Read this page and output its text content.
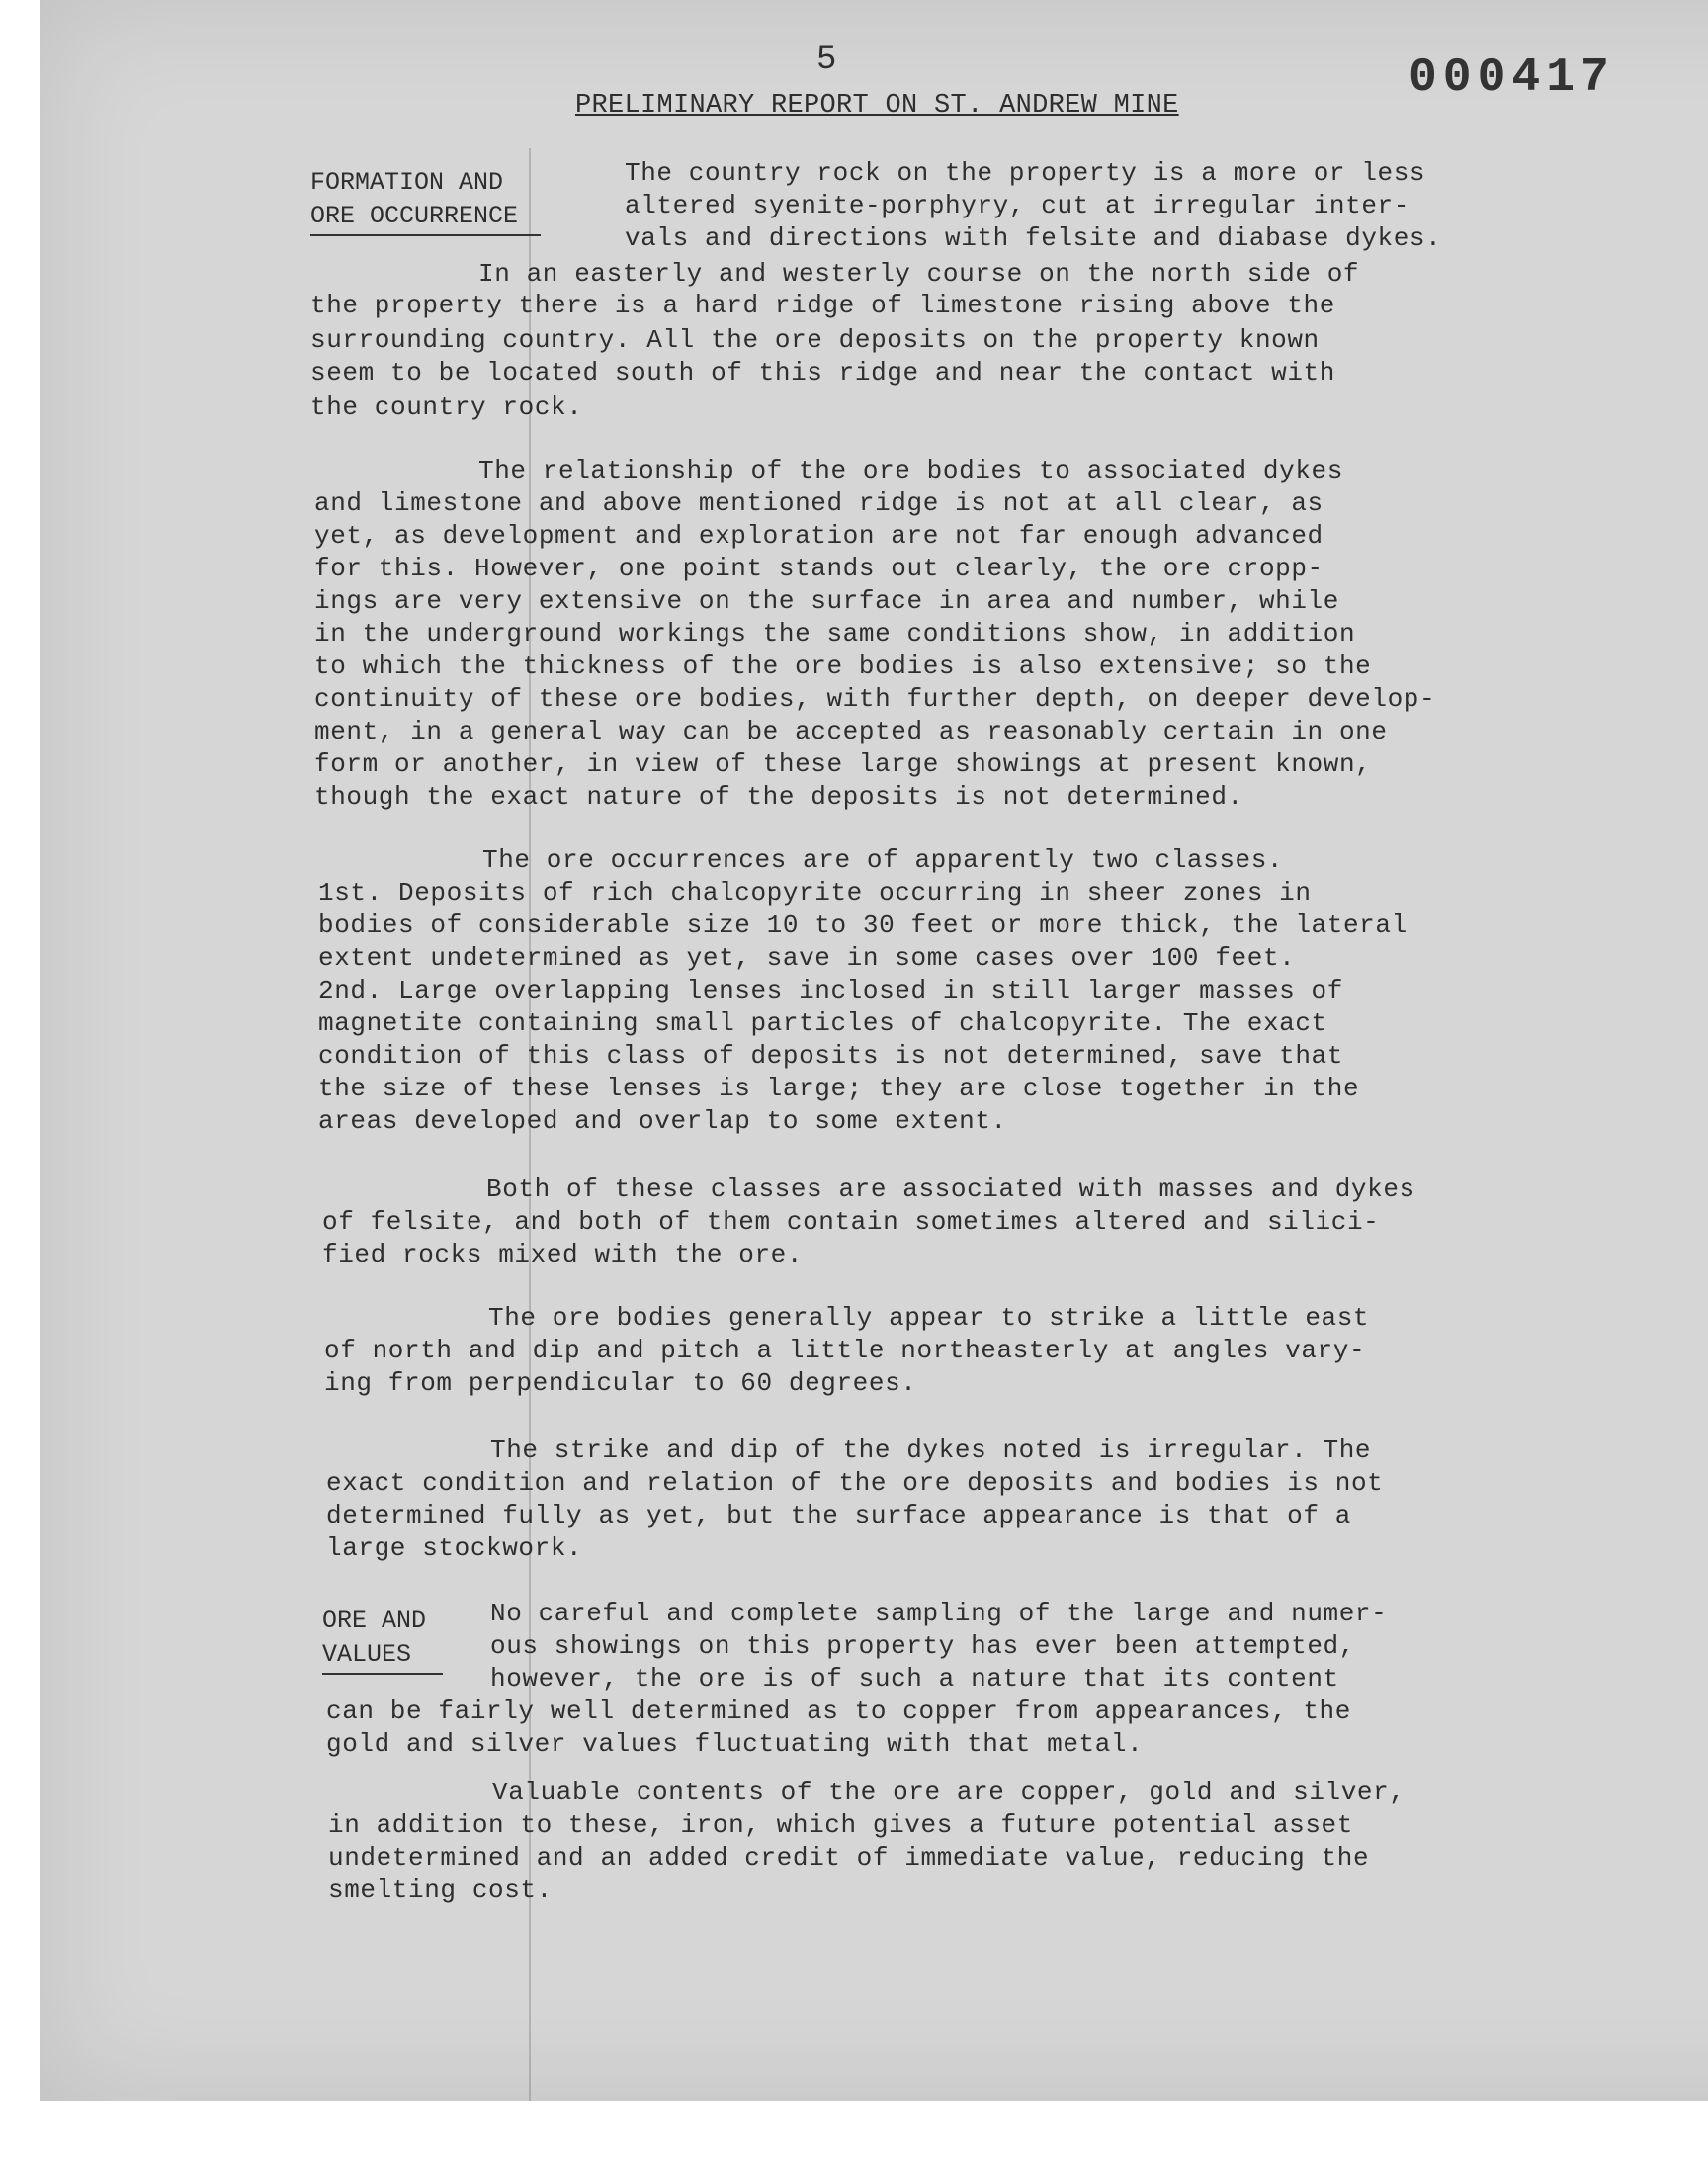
5	000417
PRELIMINARY REPORT ON ST. ANDREW MINE
FORMATION AND
ORE OCCURRENCE
ORE AND
VALUES
The country rock on the property is a more or less
altered syenite-porphyry, cut at irregular inter-
vals and directions with felsite and diabase dykes.
In an easterly and westerly course on the north side of
the property there is a hard ridge of limestone rising above the
surrounding country. All the ore deposits on the property known
seem to be located south of this ridge and near the contact with
the country rock.
The relationship of the ore bodies to associated dykes
and limestone and above mentioned ridge is not at all clear, as
yet, as development and exploration are not far enough advanced
for this. However, one point stands out clearly, the ore cropp-
ings are very extensive on the surface in area and number, while
in the underground workings the same conditions show, in addition
to which the thickness of the ore bodies is also extensive; so the
continuity of these ore bodies, with further depth, on deeper develop-
ment, in a general way can be accepted as reasonably certain in one
form or another, in view of these large showings at present known,
though the exact nature of the deposits is not determined.
The ore occurrences are of apparently two classes.
1st. Deposits of rich chalcopyrite occurring in sheer zones in
bodies of considerable size 10 to 30 feet or more thick, the lateral
extent undetermined as yet, save in some cases over 100 feet.
2nd. Large overlapping lenses inclosed in still larger masses of
magnetite containing small particles of chalcopyrite. The exact
condition of this class of deposits is not determined, save that
the size of these lenses is large; they are close together in the
areas developed and overlap to some extent.
Both of these classes are associated with masses and dykes
of felsite, and both of them contain sometimes altered and silici-
fied rocks mixed with the ore.
The ore bodies generally appear to strike a little east
of north and dip and pitch a little northeasterly at angles vary-
ing from perpendicular to 60 degrees.
The strike and dip of the dykes noted is irregular. The
exact condition and relation of the ore deposits and bodies is not
determined fully as yet, but the surface appearance is that of a
large stockwork.
No careful and complete sampling of the large and numer-
ous showings on this property has ever been attempted,
however, the ore is of such a nature that its content
can be fairly well determined as to copper from appearances, the
gold and silver values fluctuating with that metal.
Valuable contents of the ore are copper, gold and silver,
in addition to these, iron, which gives a future potential asset
undetermined and an added credit of immediate value, reducing the
smelting cost.
